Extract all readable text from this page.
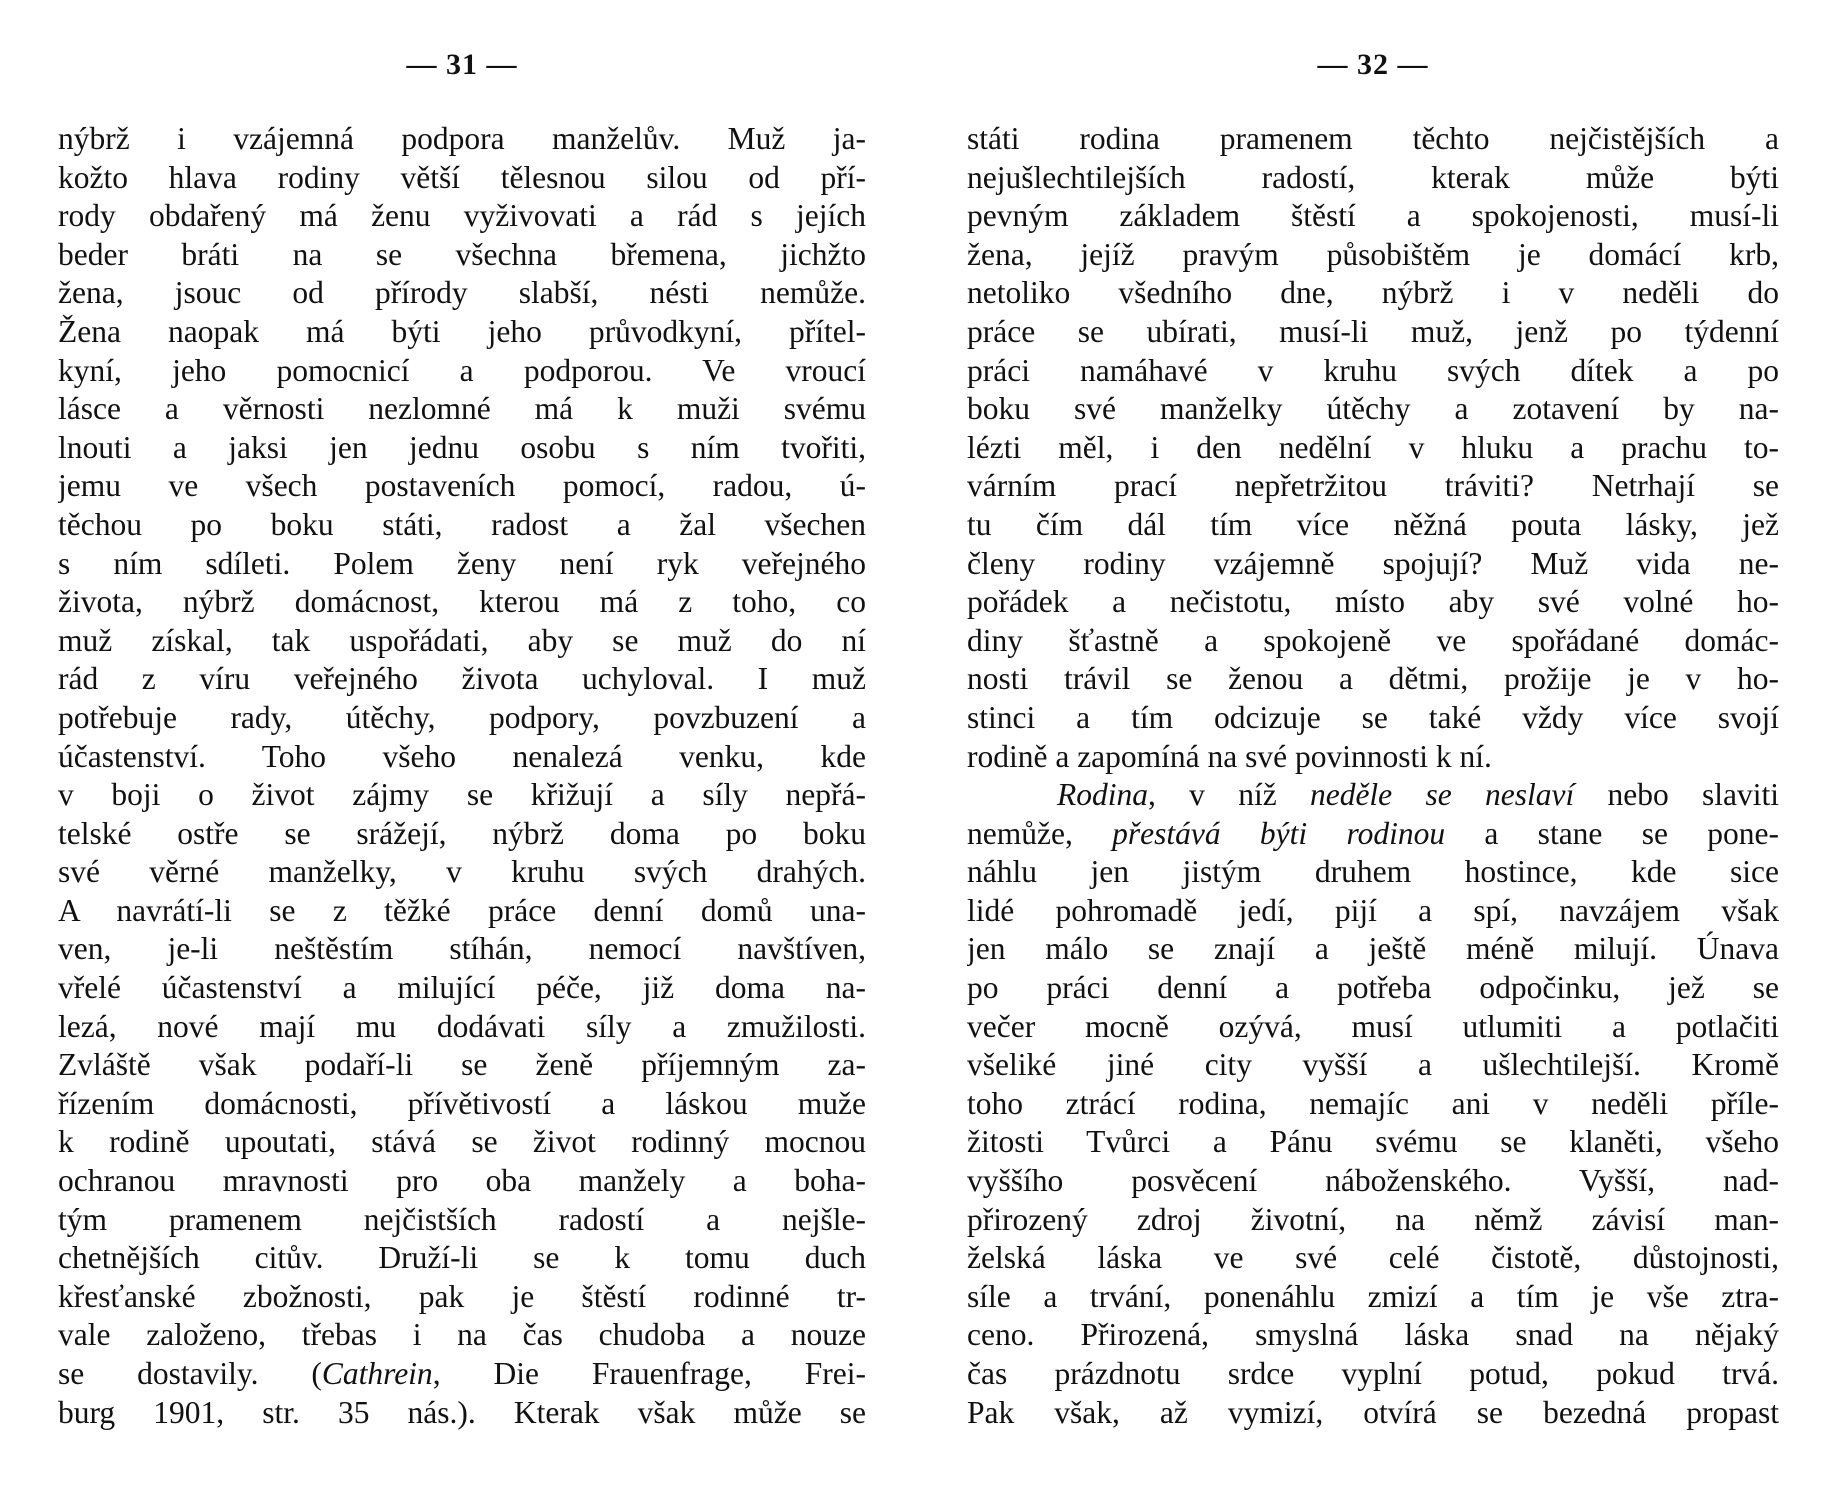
— 31 —
nýbrž i vzájemná podpora manželův. Muž ja-
kožto hlava rodiny větší tělesnou silou od pří-
rody obdařený má ženu vyživovati a rád s jejích
beder bráti na se všechna břemena, jichžto
žena, jsouc od přírody slabší, nésti nemůže.
Žena naopak má býti jeho průvodkyní, přítel-
kyní, jeho pomocnicí a podporou. Ve vroucí
lásce a věrnosti nezlomné má k muži svému
lnouti a jaksi jen jednu osobu s ním tvořiti,
jemu ve všech postaveních pomocí, radou, ú-
těchou po boku státi, radost a žal všechen
s ním sdíleti. Polem ženy není ryk veřejného
života, nýbrž domácnost, kterou má z toho, co
muž získal, tak uspořádati, aby se muž do ní
rád z víru veřejného života uchyloval. I muž
potřebuje rady, útěchy, podpory, povzbuzení a
účastenství. Toho všeho nenalezá venku, kde
v boji o život zájmy se křižují a síly nepřá-
telské ostře se srážejí, nýbrž doma po boku
své věrné manželky, v kruhu svých drahých.
A navrátí-li se z těžké práce denní domů una-
ven, je-li neštěstím stíhán, nemocí navštíven,
vřelé účastenství a milující péče, již doma na-
lezá, nové mají mu dodávati síly a zmužilosti.
Zvláště však podaří-li se ženě příjemným za-
řízením domácnosti, přívětivostí a láskou muže
k rodině upoutati, stává se život rodinný mocnou
ochranou mravnosti pro oba manžely a boha-
tým pramenem nejčistších radostí a nejšle-
chetnějších citův. Druží-li se k tomu duch
křesťanské zbožnosti, pak je štěstí rodinné tr-
vale založeno, třebas i na čas chudoba a nouze
se dostavily. (Cathrein, Die Frauenfrage, Frei-
burg 1901, str. 35 nás.). Kterak však může se
— 32 —
státi rodina pramenem těchto nejčistějších a
nejušlechtilejších radostí, kterak může býti
pevným základem štěstí a spokojenosti, musí-li
žena, jejíž pravým působištěm je domácí krb,
netoliko všedního dne, nýbrž i v neděli do
práce se ubírati, musí-li muž, jenž po týdenní
práci namáhavé v kruhu svých dítek a po
boku své manželky útěchy a zotavení by na-
lézti měl, i den nedělní v hluku a prachu to-
várním prací nepřetržitou tráviti? Netrhají se
tu čím dál tím více něžná pouta lásky, jež
členy rodiny vzájemně spojují? Muž vida ne-
pořádek a nečistotu, místo aby své volné ho-
diny šťastně a spokojeně ve spořádané domác-
nosti trávil se ženou a dětmi, prožije je v ho-
stinci a tím odcizuje se také vždy více svojí
rodině a zapomíná na své povinnosti k ní.
Rodina, v níž neděle se neslaví nebo slaviti
nemůže, přestává býti rodinou a stane se pone-
náhlu jen jistým druhem hostince, kde sice
lidé pohromadě jedí, pijí a spí, navzájem však
jen málo se znají a ještě méně milují. Únava
po práci denní a potřeba odpočinku, jež se
večer mocně ozývá, musí utlumiti a potlačiti
všeliké jiné city vyšší a ušlechtilejší. Kromě
toho ztrácí rodina, nemajíc ani v neděli příle-
žitosti Tvůrci a Pánu svému se klaněti, všeho
vyššího posvěcení náboženského. Vyšší, nad-
přirozený zdroj životní, na němž závisí man-
želská láska ve své celé čistotě, důstojnosti,
síle a trvání, ponenáhlu zmizí a tím je vše ztra-
ceno. Přirozená, smyslná láska snad na nějaký
čas prázdnotu srdce vyplní potud, pokud trvá.
Pak však, až vymizí, otvírá se bezedná propast
